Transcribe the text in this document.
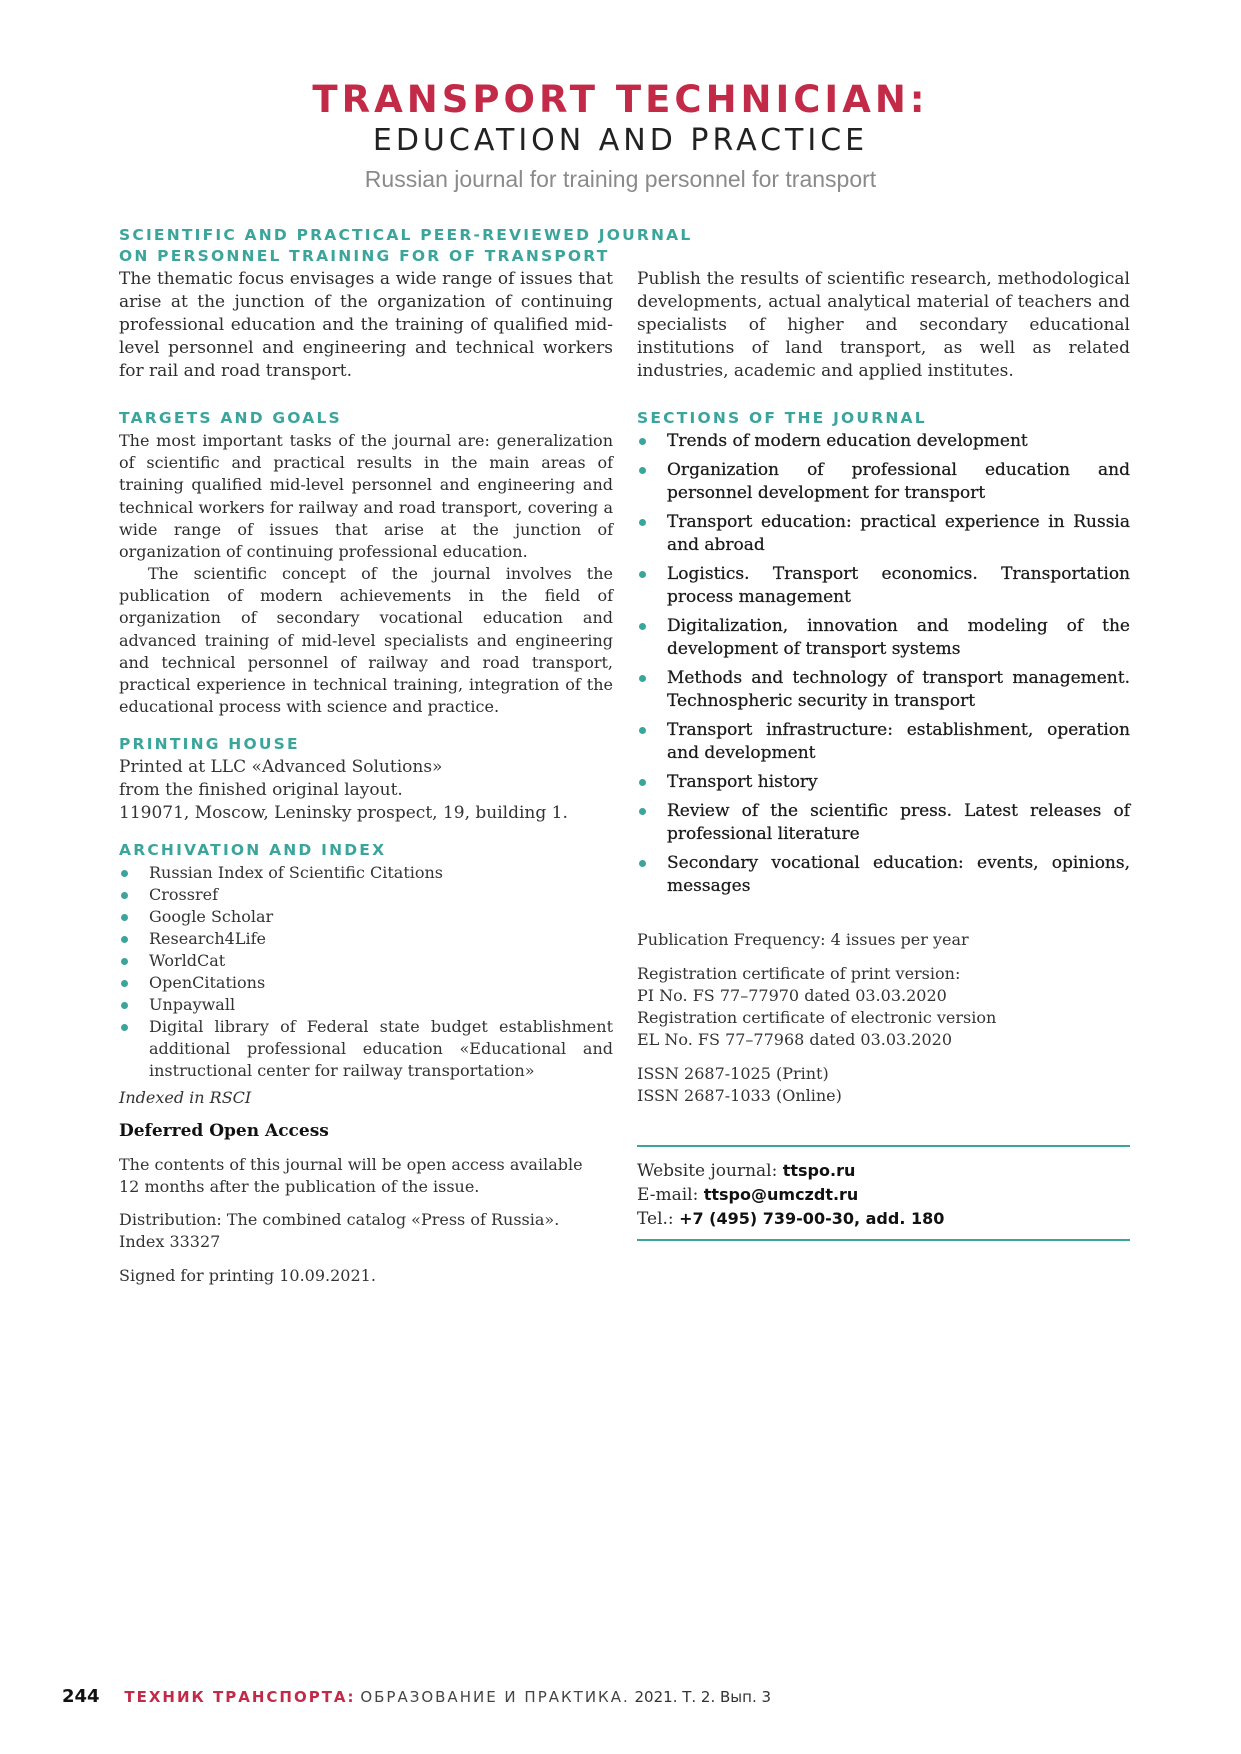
TRANSPORT TECHNICIAN:
EDUCATION AND PRACTICE
Russian journal for training personnel for transport
SCIENTIFIC AND PRACTICAL PEER-REVIEWED JOURNAL
ON PERSONNEL TRAINING FOR OF TRANSPORT

The thematic focus envisages a wide range of issues that arise at the junction of the organization of continuing professional education and the training of qualified mid-level personnel and engineering and technical workers for rail and road transport.

Publish the results of scientific research, methodological developments, actual analytical material of teachers and specialists of higher and secondary educational institutions of land transport, as well as related industries, academic and applied institutes.

TARGETS AND GOALS

The most important tasks of the journal are: generalization of scientific and practical results in the main areas of training qualified mid-level personnel and engineering and technical workers for railway and road transport, covering a wide range of issues that arise at the junction of organization of continuing professional education.

The scientific concept of the journal involves the publication of modern achievements in the field of organization of secondary vocational education and advanced training of mid-level specialists and engineering and technical personnel of railway and road transport, practical experience in technical training, integration of the educational process with science and practice.

PRINTING HOUSE
Printed at LLC «Advanced Solutions»
from the finished original layout.
119071, Moscow, Leninsky prospect, 19, building 1.
ARCHIVATION AND INDEX
Russian Index of Scientific Citations
Crossref
Google Scholar
Research4Life
WorldCat
OpenCitations
Unpaywall
Digital library of Federal state budget establishment additional professional education «Educational and instructional center for railway transportation»
Indexed in RSCI
Deferred Open Access

The contents of this journal will be open access available 12 months after the publication of the issue.

Distribution: The combined catalog «Press of Russia».
Index 33327
Signed for printing 10.09.2021.
SECTIONS OF THE JOURNAL
Trends of modern education development
Organization of professional education and personnel development for transport
Transport education: practical experience in Russia and abroad
Logistics. Transport economics. Transportation process management
Digitalization, innovation and modeling of the development of transport systems
Methods and technology of transport management. Technospheric security in transport
Transport infrastructure: establishment, operation and development
Transport history
Review of the scientific press. Latest releases of professional literature
Secondary vocational education: events, opinions, messages
Publication Frequency: 4 issues per year
Registration certificate of print version:
PI No. FS 77–77970 dated 03.03.2020
Registration certificate of electronic version
EL No. FS 77–77968 dated 03.03.2020
ISSN 2687-1025 (Print)
ISSN 2687-1033 (Online)
Website journal: ttspo.ru
E-mail: ttspo@umczdt.ru
Tel.: +7 (495) 739-00-30, add. 180
244 ТЕХНИК ТРАНСПОРТА: ОБРАЗОВАНИЕ И ПРАКТИКА. 2021. Т. 2. Вып. 3
